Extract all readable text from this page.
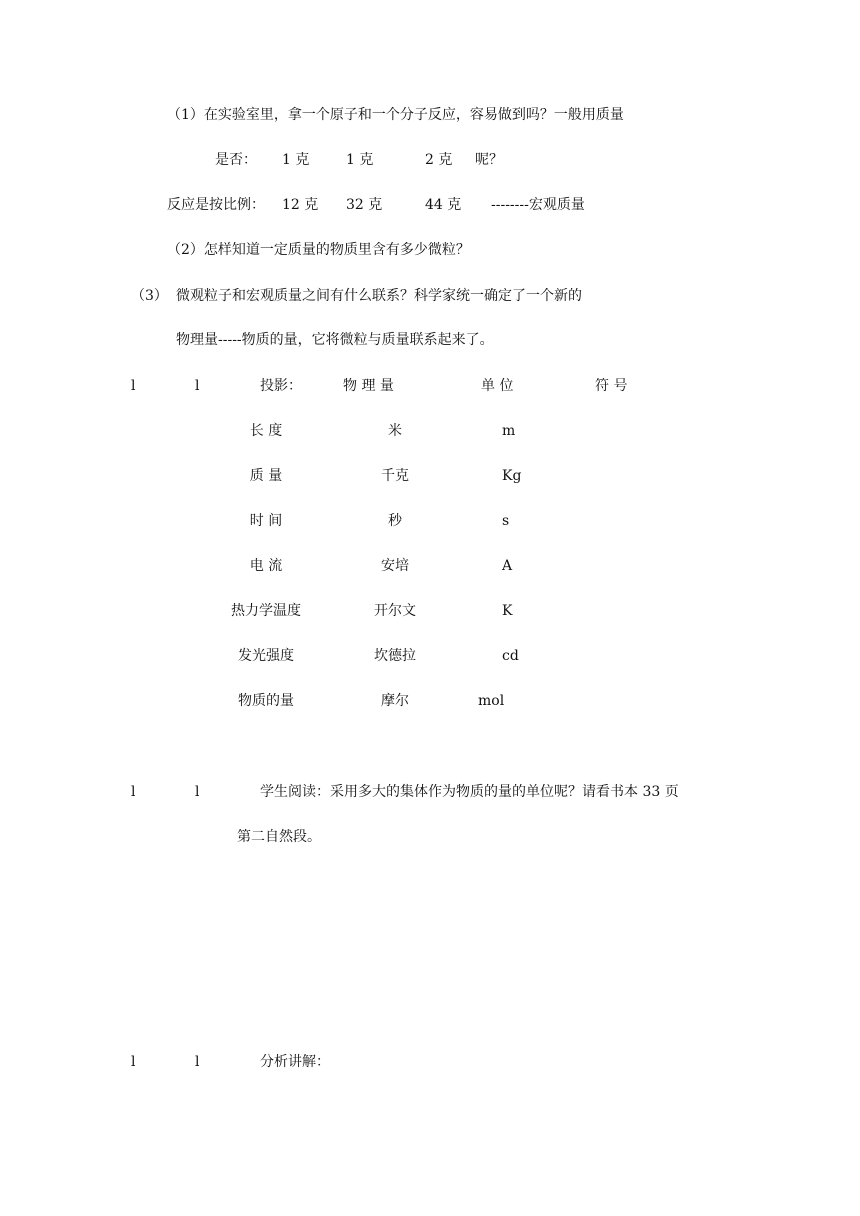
（1）在实验室里，拿一个原子和一个分子反应，容易做到吗？一般用质量
是否： 1 克	1 克	2 克 呢？
反应是按比例： 12 克 32 克	44 克 --------宏观质量
（2）怎样知道一定质量的物质里含有多少微粒？
（3） 微观粒子和宏观质量之间有什么联系？科学家统一确定了一个新的
物理量-----物质的量，它将微粒与质量联系起来了。
l	l	投影：	物 理 量	单 位	符 号
长 度	米	m
质 量	千克	Kg
时 间	秒	s
电 流	安培	A
热力学温度	开尔文	K
发光强度	坎德拉	cd
物质的量	摩尔	mol
l	l	学生阅读：采用多大的集体作为物质的量的单位呢？请看书本 33 页
第二自然段。
l	l	分析讲解：
